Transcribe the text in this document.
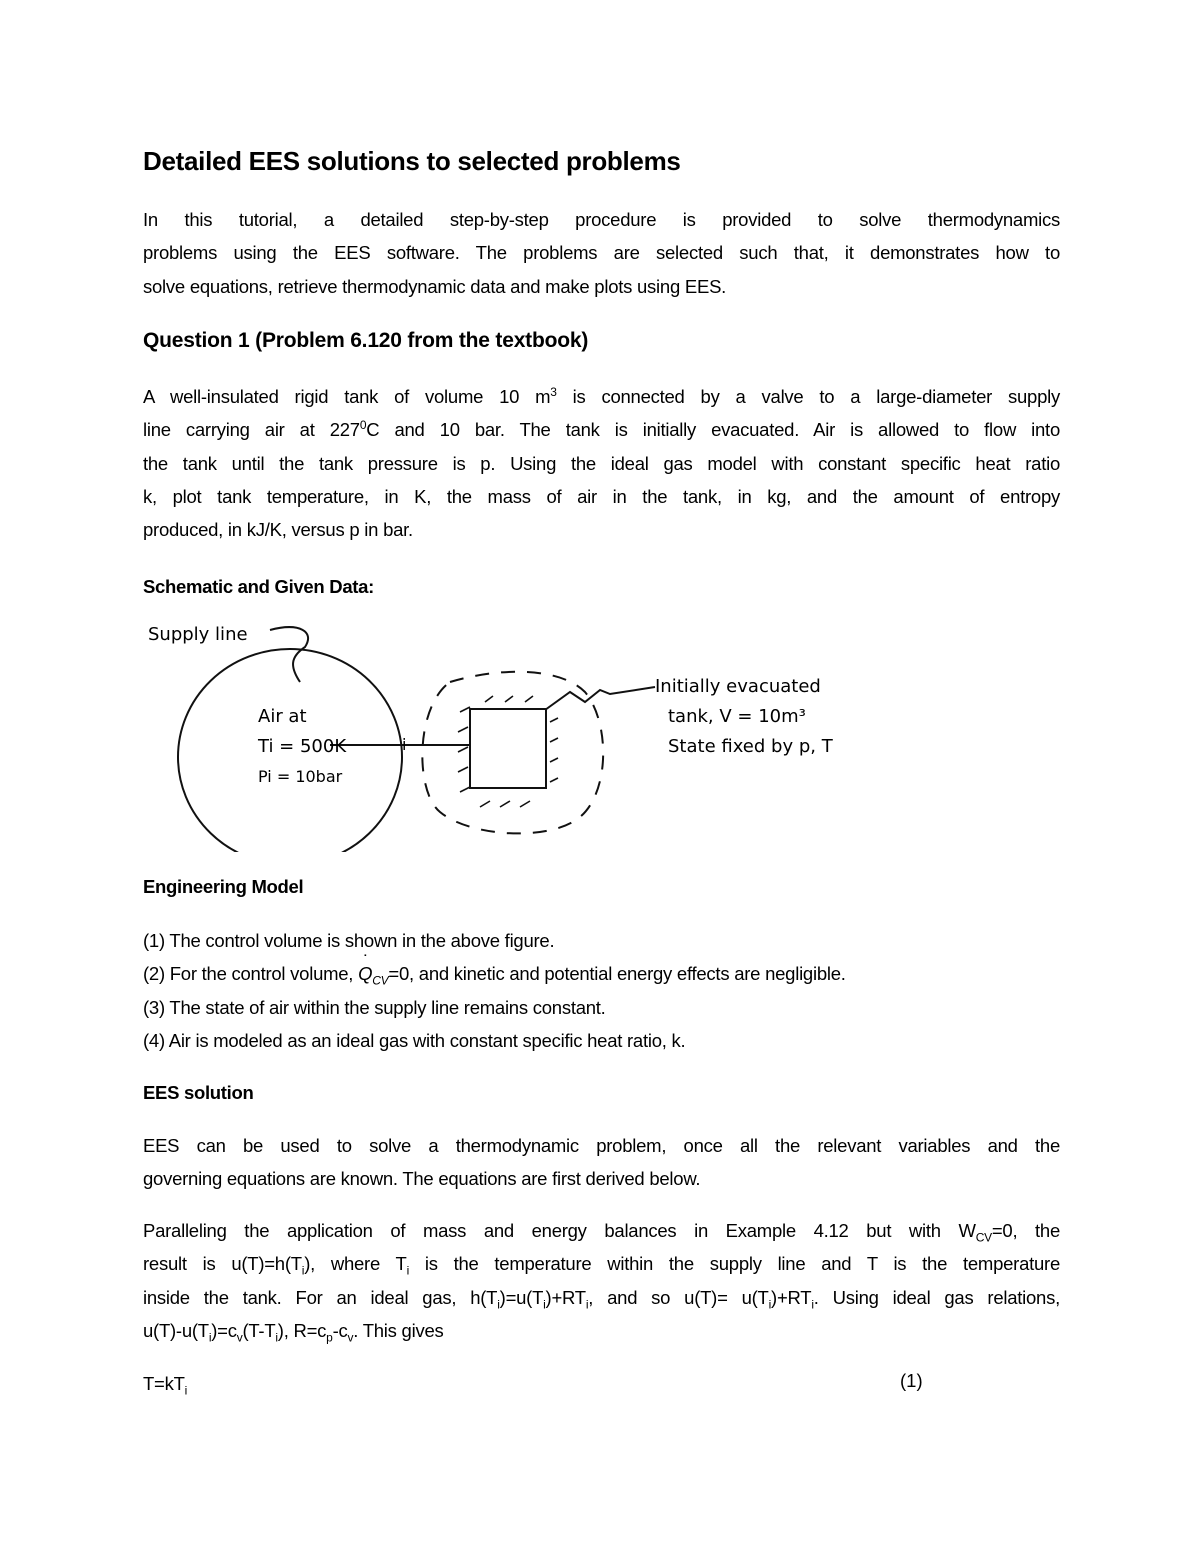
Detailed EES solutions to selected problems
In this tutorial, a detailed step-by-step procedure is provided to solve thermodynamics
problems using the EES software. The problems are selected such that, it demonstrates how to
solve equations, retrieve thermodynamic data and make plots using EES.
Question 1 (Problem 6.120 from the textbook)
A well-insulated rigid tank of volume 10 $m^3$ is connected by a valve to a large-diameter supply
line carrying air at $227^0C$ and 10 bar. The tank is initially evacuated. Air is allowed to flow into
the tank until the tank pressure is p. Using the ideal gas model with constant specific heat ratio
k, plot tank temperature, in K, the mass of air in the tank, in kg, and the amount of entropy
produced, in kJ/K, versus p in bar.
Schematic and Given Data:
Supply line
Air at
Ti = 500K
Pi = 10bar
i
Initially evacuated
tank, V = 10m³
State fixed by p, T
Engineering Model
(1) The control volume is shown in the above figure.
(2) For the control volume, ˙ $Q_{CV}=0$, and kinetic and potential energy effects are negligible.
(3) The state of air within the supply line remains constant.
(4) Air is modeled as an ideal gas with constant specific heat ratio, k.
EES solution
EES can be used to solve a thermodynamic problem, once all the relevant variables and the
governing equations are known. The equations are first derived below.
Paralleling the application of mass and energy balances in Example 4.12 but with $W_{CV}=0$, the
result is $u(T)=h(T_i)$, where $T_i$ is the temperature within the supply line and T is the temperature
inside the tank. For an ideal gas, $h(T_i)=u(T_i)+RT_i$, and so $u(T)= u(T_i)+RT_i$. Using ideal gas relations,
$u(T)-u(T_i)=c_v(T-T_i)$, $R=c_p-c_v$. This gives
$T=kT_i$	(1)
